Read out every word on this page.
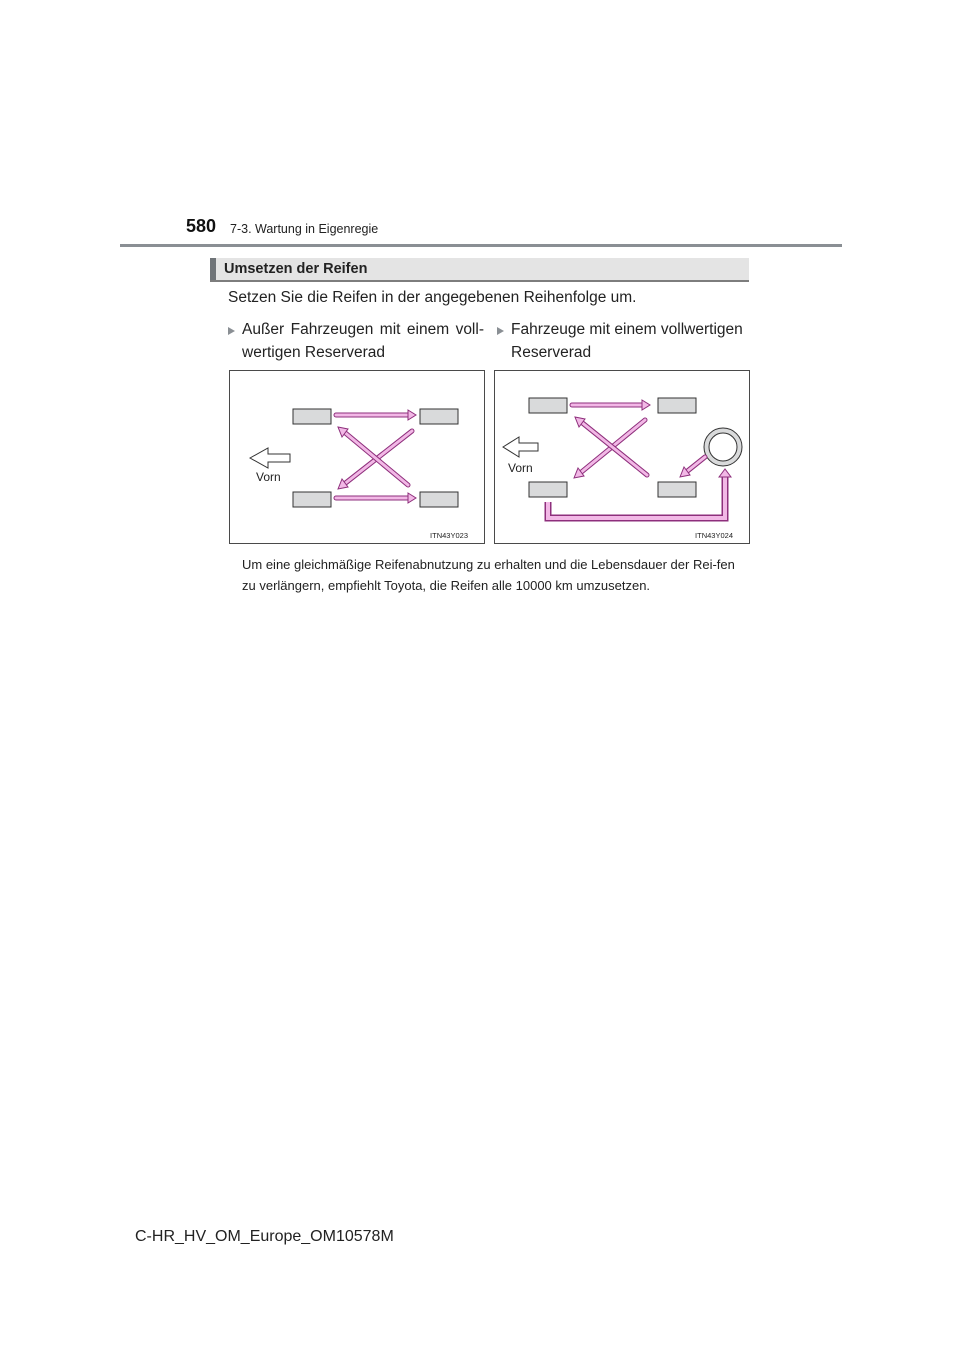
580 7-3. Wartung in Eigenregie
Umsetzen der Reifen
Setzen Sie die Reifen in der angegebenen Reihenfolge um.
Außer Fahrzeugen mit einem voll-wertigen Reserverad
Fahrzeuge mit einem vollwertigen Reserverad
Vorn
ITN43Y023
Vorn
ITN43Y024
Um eine gleichmäßige Reifenabnutzung zu erhalten und die Lebensdauer der Rei-fen zu verlängern, empfiehlt Toyota, die Reifen alle 10000 km umzusetzen.
C-HR_HV_OM_Europe_OM10578M
